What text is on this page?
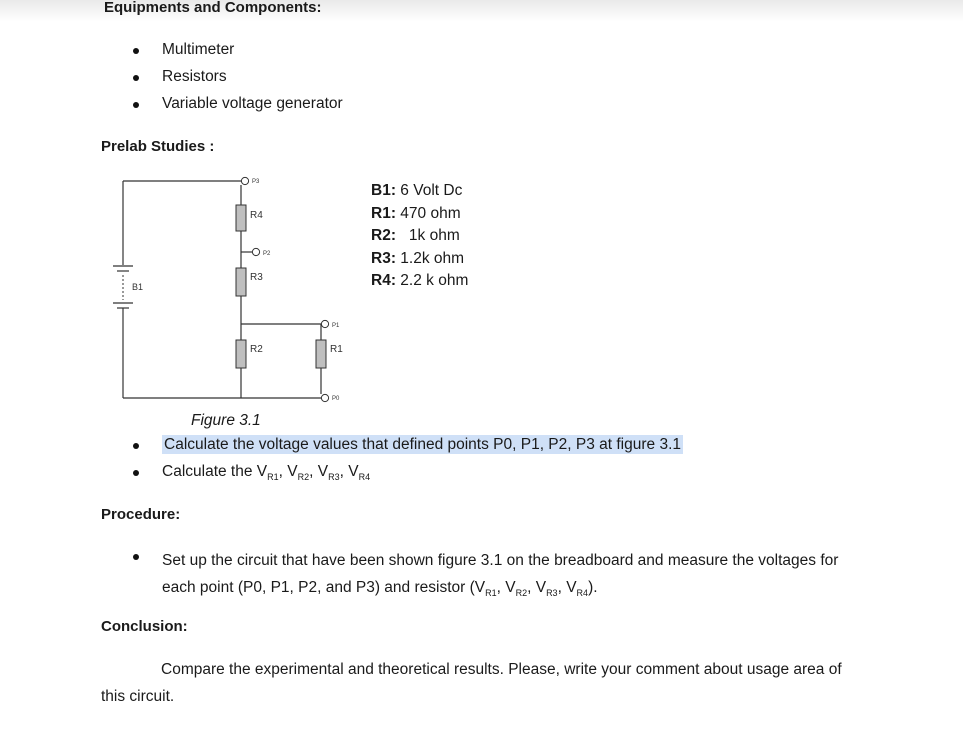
Equipments and Components:
Multimeter
Resistors
Variable voltage generator
Prelab Studies :
P3
P2
P1
P0
R4
R3
R2	R1
B1
B1: 6 Volt Dc
R1: 470 ohm
R2:   1k ohm
R3: 1.2k ohm
R4: 2.2 k ohm
Figure 3.1
Calculate the voltage values that defined points P0, P1, P2, P3 at figure 3.1
Calculate the $V_{R1}$, $V_{R2}$, $V_{R3}$, $V_{R4}$
Procedure:
Set up the circuit that have been shown figure 3.1 on the breadboard and measure the voltages for
each point (P0, P1, P2, and P3) and resistor ($V_{R1}$, $V_{R2}$, $V_{R3}$, $V_{R4}$).
Conclusion:
Compare the experimental and theoretical results. Please, write your comment about usage area of
this circuit.
